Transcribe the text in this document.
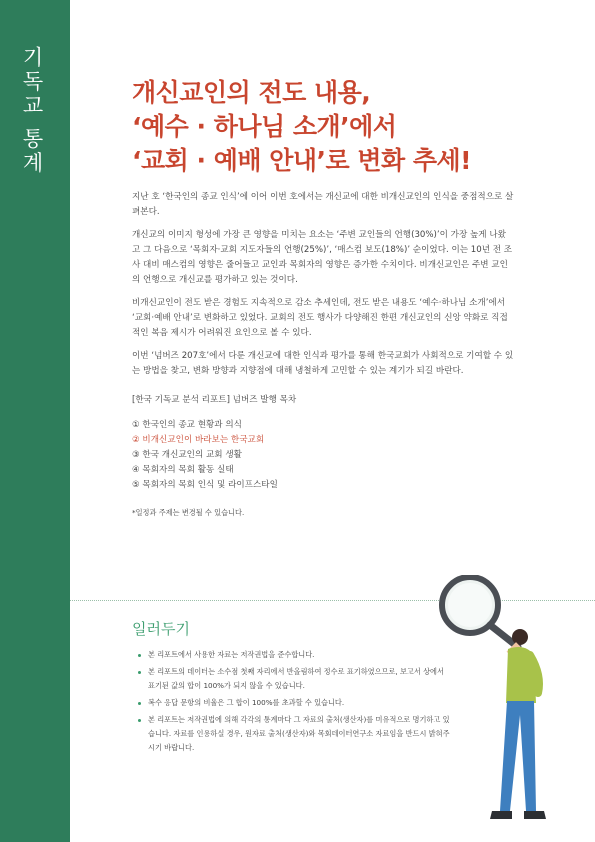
기독교 통계	개신교인의 전도 내용,
‘예수 · 하나님 소개’에서
‘교회 · 예배 안내’로 변화 추세!

지난 호 ‘한국인의 종교 인식’에 이어 이번 호에서는 개신교에 대한 비개신교인의 인식을 중점적으로 살펴본다.

개신교의 이미지 형성에 가장 큰 영향을 미치는 요소는 ‘주변 교인들의 언행(30%)’이 가장 높게 나왔고 그 다음으로 ‘목회자·교회 지도자들의 언행(25%)’, ‘매스컴 보도(18%)’ 순이었다. 이는 10년 전 조사 대비 매스컴의 영향은 줄어들고 교인과 목회자의 영향은 증가한 수치이다. 비개신교인은 주변 교인의 언행으로 개신교를 평가하고 있는 것이다.

비개신교인이 전도 받은 경험도 지속적으로 감소 추세인데, 전도 받은 내용도 ‘예수·하나님 소개’에서 ‘교회·예배 안내’로 변화하고 있었다. 교회의 전도 행사가 다양해진 한편 개신교인의 신앙 약화로 직접적인 복음 제시가 어려워진 요인으로 볼 수 있다.

이번 ‘넘버즈 207호’에서 다룬 개신교에 대한 인식과 평가를 통해 한국교회가 사회적으로 기여할 수 있는 방법을 찾고, 변화 방향과 지향점에 대해 냉철하게 고민할 수 있는 계기가 되길 바란다.

[한국 기독교 분석 리포트] 넘버즈 발행 목차
① 한국인의 종교 현황과 의식
② 비개신교인이 바라보는 한국교회
③ 한국 개신교인의 교회 생활
④ 목회자의 목회 활동 실태
⑤ 목회자의 목회 인식 및 라이프스타일
*일정과 주제는 변경될 수 있습니다.
일러두기
본 리포트에서 사용한 자료는 저작권법을 준수합니다.
본 리포트의 데이터는 소수점 첫째 자리에서 반올림하여 정수로 표기하였으므로, 보고서 상에서 표기된 값의 합이 100%가 되지 않을 수 있습니다.
복수 응답 문항의 비율은 그 합이 100%를 초과할 수 있습니다.
본 리포트는 저작권법에 의해 각각의 통계마다 그 자료의 출처(생산자)를 미유적으로 명기하고 있습니다. 자료를 인용하실 경우, 원자료 출처(생산자)와 목회데이터연구소 자료임을 반드시 밝혀주시기 바랍니다.
